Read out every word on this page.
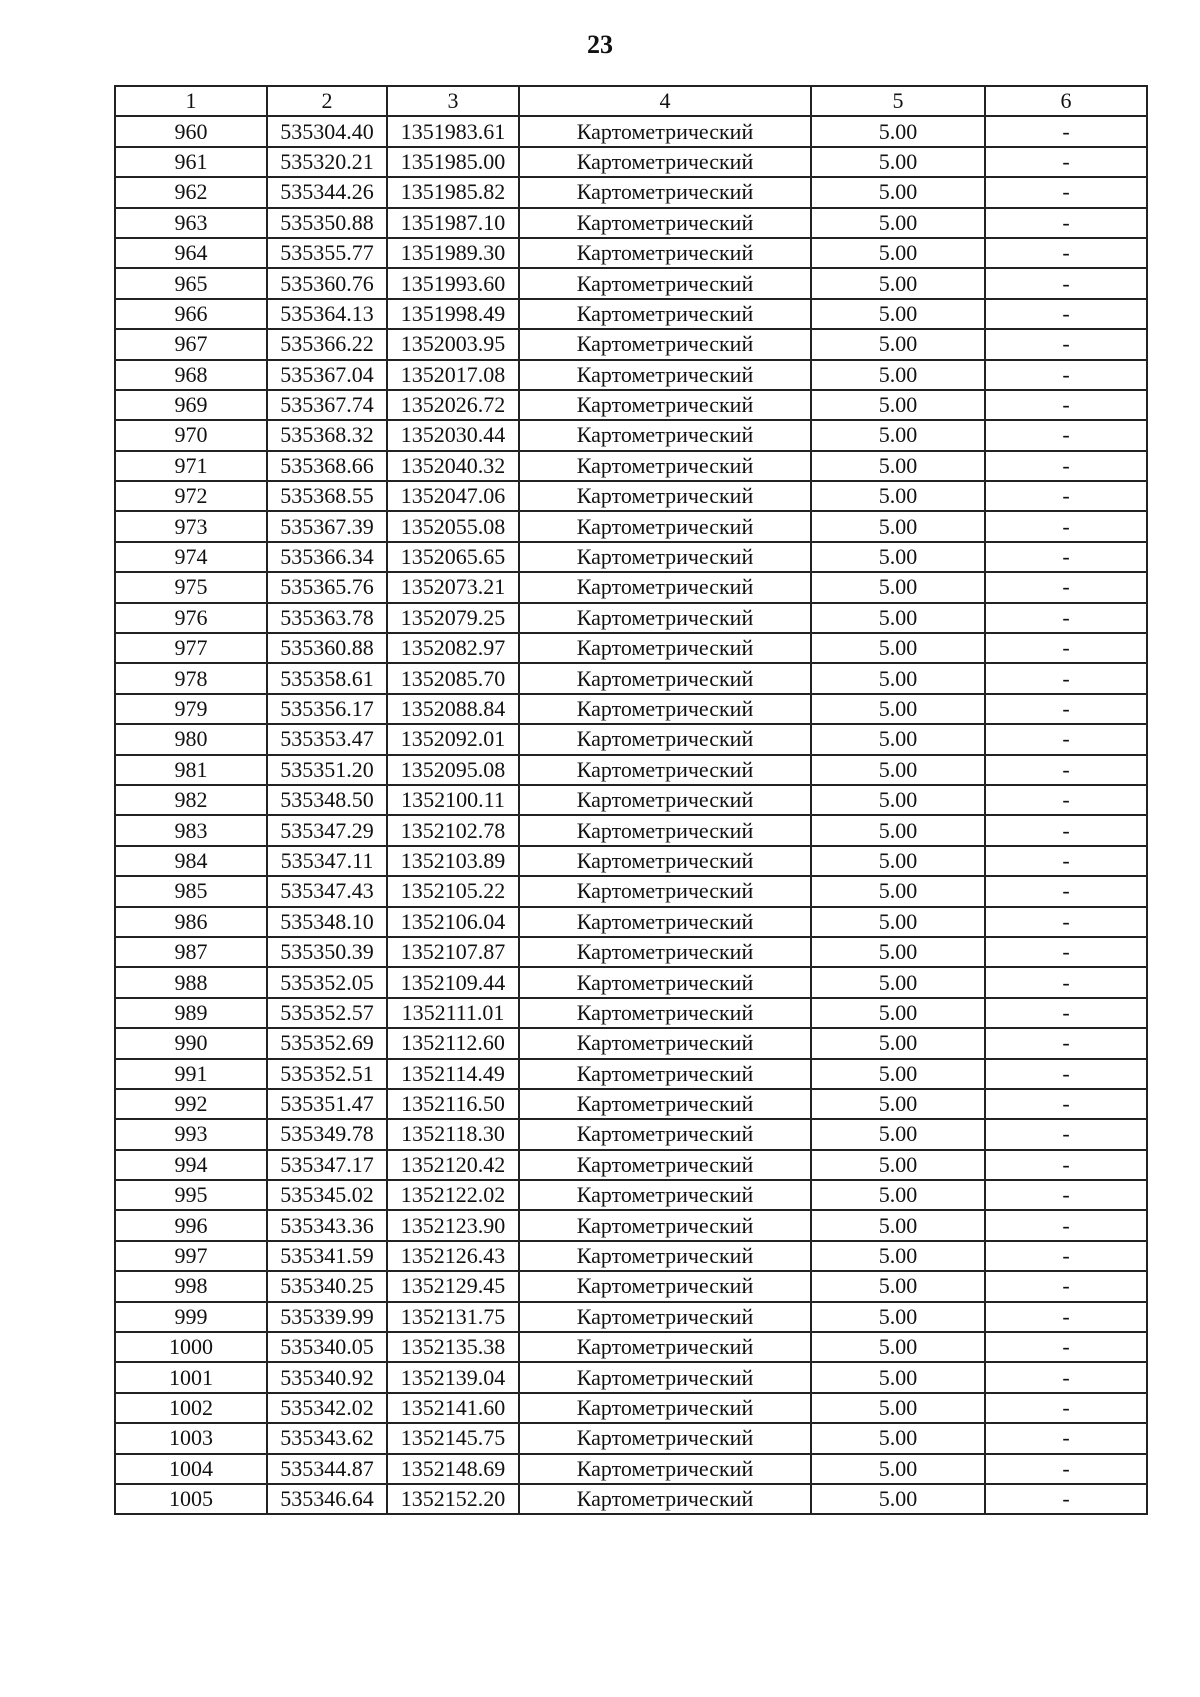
23
1	2	3	4	5	6
960	535304.40	1351983.61	Картометрический	5.00	-
961	535320.21	1351985.00	Картометрический	5.00	-
962	535344.26	1351985.82	Картометрический	5.00	-
963	535350.88	1351987.10	Картометрический	5.00	-
964	535355.77	1351989.30	Картометрический	5.00	-
965	535360.76	1351993.60	Картометрический	5.00	-
966	535364.13	1351998.49	Картометрический	5.00	-
967	535366.22	1352003.95	Картометрический	5.00	-
968	535367.04	1352017.08	Картометрический	5.00	-
969	535367.74	1352026.72	Картометрический	5.00	-
970	535368.32	1352030.44	Картометрический	5.00	-
971	535368.66	1352040.32	Картометрический	5.00	-
972	535368.55	1352047.06	Картометрический	5.00	-
973	535367.39	1352055.08	Картометрический	5.00	-
974	535366.34	1352065.65	Картометрический	5.00	-
975	535365.76	1352073.21	Картометрический	5.00	-
976	535363.78	1352079.25	Картометрический	5.00	-
977	535360.88	1352082.97	Картометрический	5.00	-
978	535358.61	1352085.70	Картометрический	5.00	-
979	535356.17	1352088.84	Картометрический	5.00	-
980	535353.47	1352092.01	Картометрический	5.00	-
981	535351.20	1352095.08	Картометрический	5.00	-
982	535348.50	1352100.11	Картометрический	5.00	-
983	535347.29	1352102.78	Картометрический	5.00	-
984	535347.11	1352103.89	Картометрический	5.00	-
985	535347.43	1352105.22	Картометрический	5.00	-
986	535348.10	1352106.04	Картометрический	5.00	-
987	535350.39	1352107.87	Картометрический	5.00	-
988	535352.05	1352109.44	Картометрический	5.00	-
989	535352.57	1352111.01	Картометрический	5.00	-
990	535352.69	1352112.60	Картометрический	5.00	-
991	535352.51	1352114.49	Картометрический	5.00	-
992	535351.47	1352116.50	Картометрический	5.00	-
993	535349.78	1352118.30	Картометрический	5.00	-
994	535347.17	1352120.42	Картометрический	5.00	-
995	535345.02	1352122.02	Картометрический	5.00	-
996	535343.36	1352123.90	Картометрический	5.00	-
997	535341.59	1352126.43	Картометрический	5.00	-
998	535340.25	1352129.45	Картометрический	5.00	-
999	535339.99	1352131.75	Картометрический	5.00	-
1000	535340.05	1352135.38	Картометрический	5.00	-
1001	535340.92	1352139.04	Картометрический	5.00	-
1002	535342.02	1352141.60	Картометрический	5.00	-
1003	535343.62	1352145.75	Картометрический	5.00	-
1004	535344.87	1352148.69	Картометрический	5.00	-
1005	535346.64	1352152.20	Картометрический	5.00	-
